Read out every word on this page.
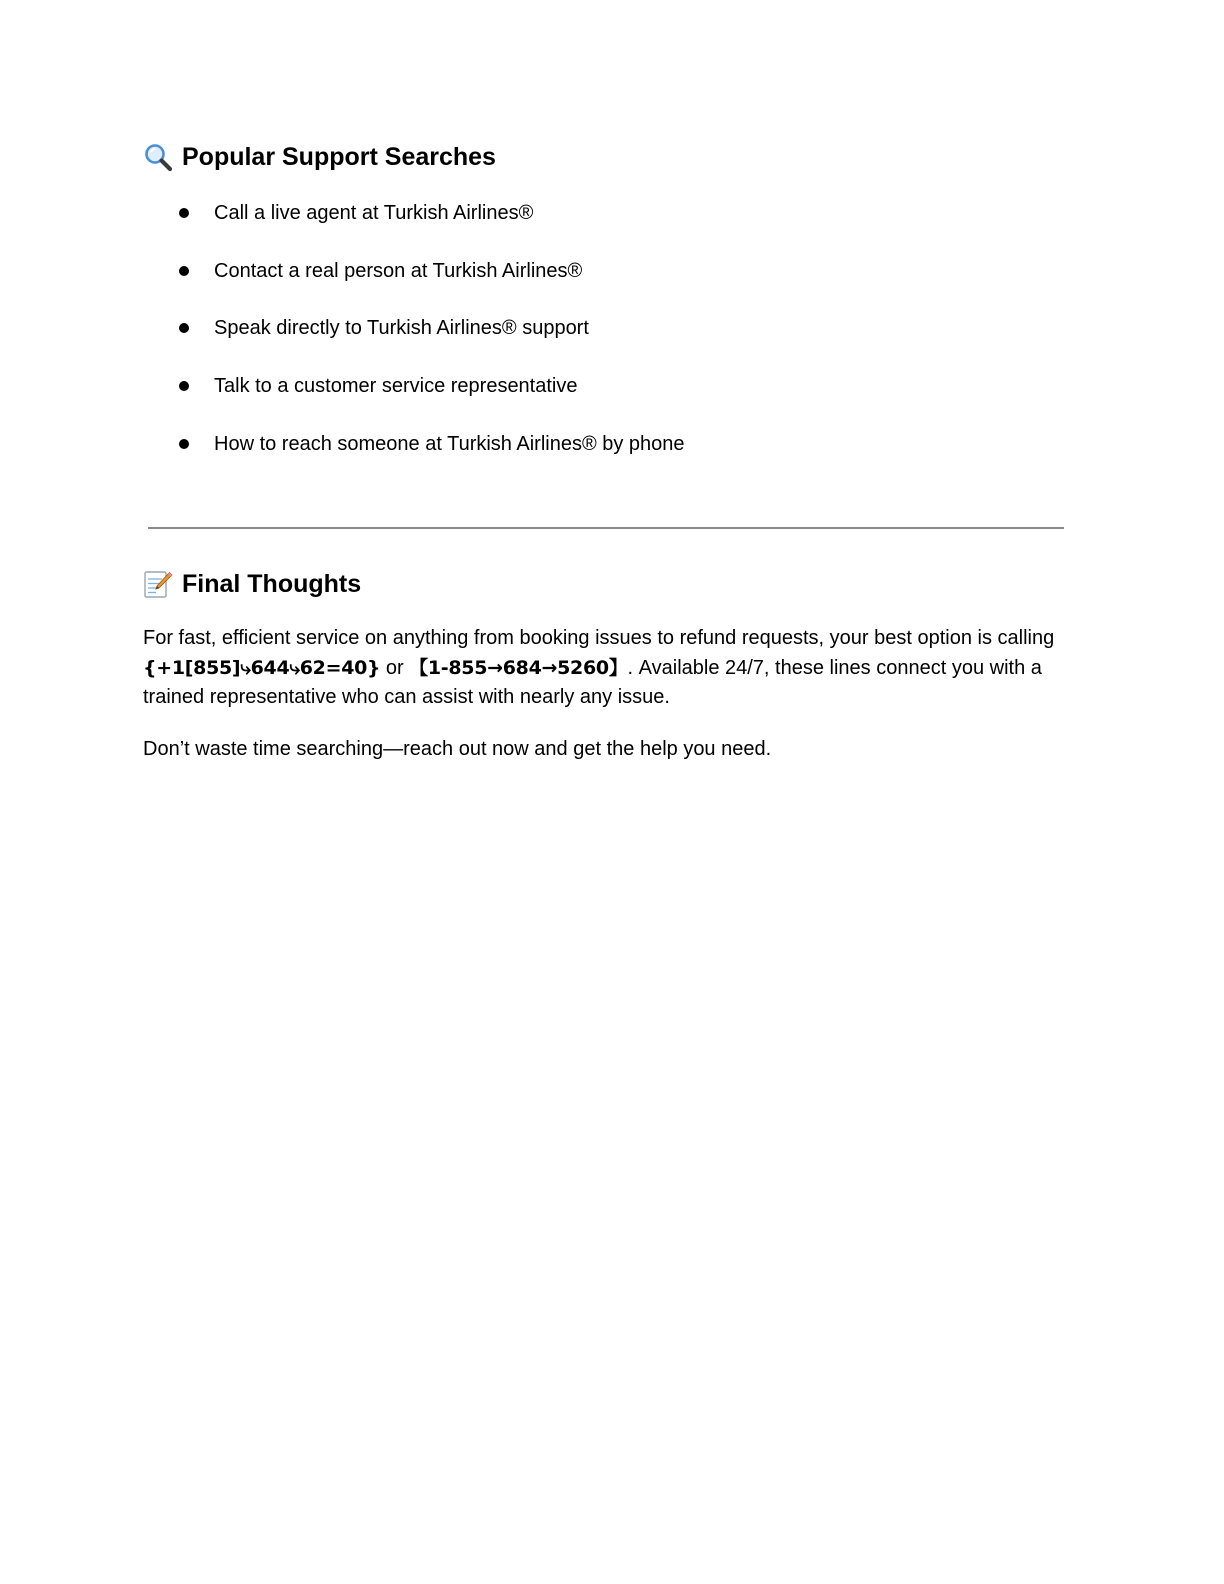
Popular Support Searches
Call a live agent at Turkish Airlines®
Contact a real person at Turkish Airlines®
Speak directly to Turkish Airlines® support
Talk to a customer service representative
How to reach someone at Turkish Airlines® by phone
Final Thoughts

For fast, efficient service on anything from booking issues to refund requests, your best option is calling {+1[855]⤷644⤷62=40} or 【1-855→684→5260】. Available 24/7, these lines connect you with a trained representative who can assist with nearly any issue.

Don’t waste time searching—reach out now and get the help you need.
